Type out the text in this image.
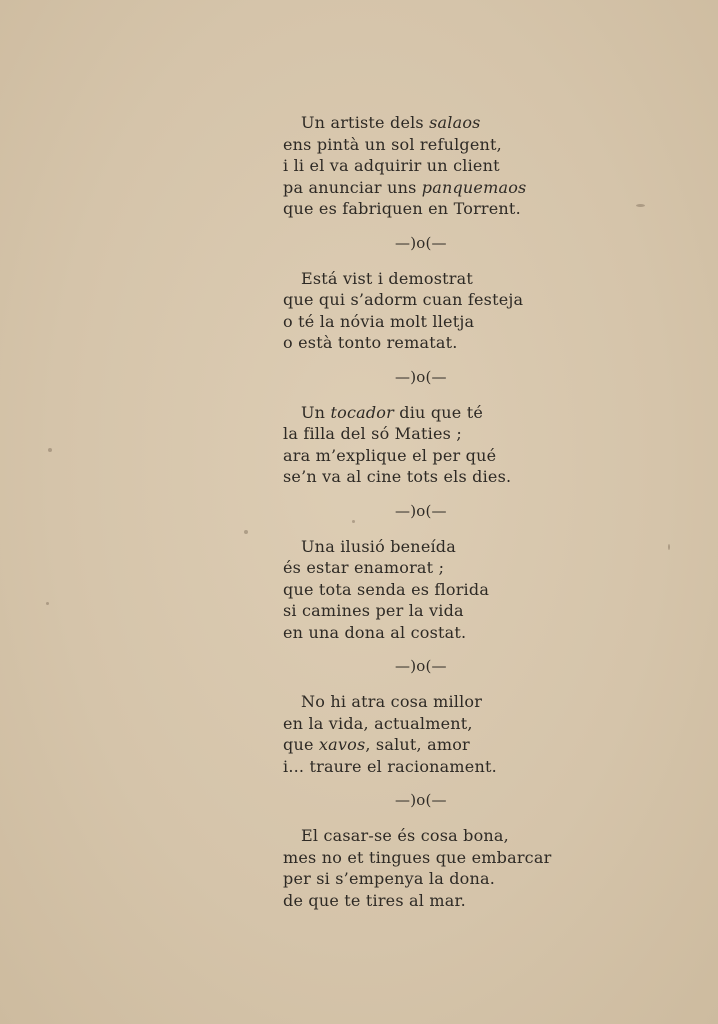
Un artiste dels salaos
ens pintà un sol refulgent,
i li el va adquirir un client
pa anunciar uns panquemaos
que es fabriquen en Torrent.
—)o(—
Está vist i demostrat
que qui s’adorm cuan festeja
o té la nóvia molt lletja
o està tonto rematat.
—)o(—
Un tocador diu que té
la filla del só Maties ;
ara m’explique el per qué
se’n va al cine tots els dies.
—)o(—
Una ilusió beneída
és estar enamorat ;
que tota senda es florida
si camines per la vida
en una dona al costat.
—)o(—
No hi atra cosa millor
en la vida, actualment,
que xavos, salut, amor
i... traure el racionament.
—)o(—
El casar-se és cosa bona,
mes no et tingues que embarcar
per si s’empenya la dona.
de que te tires al mar.
